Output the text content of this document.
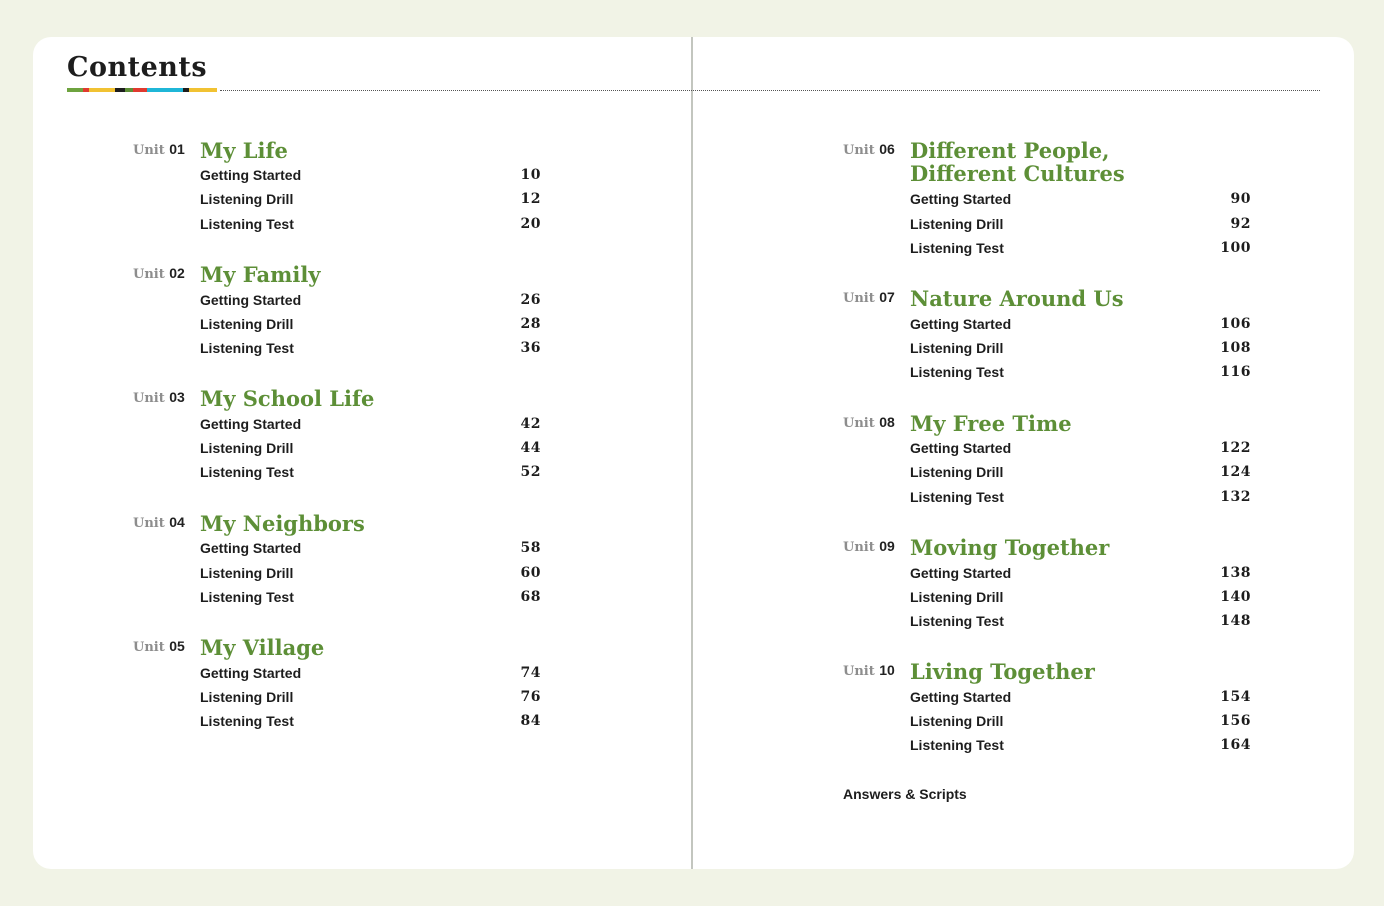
Contents
Unit 01 My Life
Getting Started	10
Listening Drill	12
Listening Test	20
Unit 02 My Family
Getting Started	26
Listening Drill	28
Listening Test	36
Unit 03 My School Life
Getting Started	42
Listening Drill	44
Listening Test	52
Unit 04 My Neighbors
Getting Started	58
Listening Drill	60
Listening Test	68
Unit 05 My Village
Getting Started	74
Listening Drill	76
Listening Test	84
Unit 06 Different People,
Different Cultures
Getting Started	90
Listening Drill	92
Listening Test	100
Unit 07 Nature Around Us
Getting Started	106
Listening Drill	108
Listening Test	116
Unit 08 My Free Time
Getting Started	122
Listening Drill	124
Listening Test	132
Unit 09 Moving Together
Getting Started	138
Listening Drill	140
Listening Test	148
Unit 10 Living Together
Getting Started	154
Listening Drill	156
Listening Test	164
Answers & Scripts
